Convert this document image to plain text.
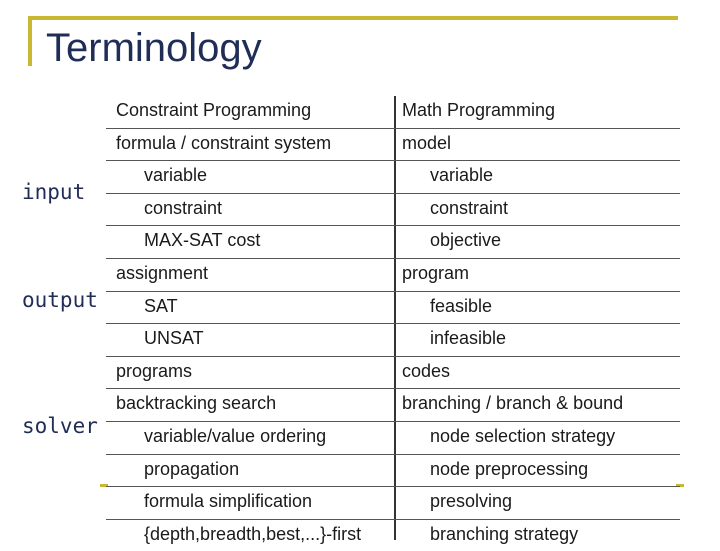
Terminology
input
output
solver
Constraint Programming	Math Programming
formula / constraint system	model
variable	variable
constraint	constraint
MAX-SAT cost	objective
assignment	program
SAT	feasible
UNSAT	infeasible
programs	codes
backtracking search	branching / branch & bound
variable/value ordering	node selection strategy
propagation	node preprocessing
formula simplification	presolving
{depth,breadth,best,...}-first	branching strategy
